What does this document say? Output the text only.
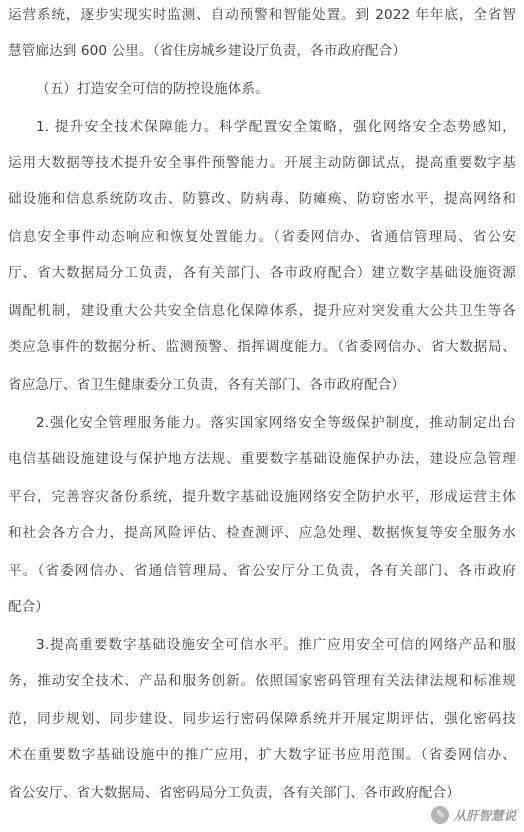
运营系统，逐步实现实时监测、自动预警和智能处置。到 2022 年年底，全省智
慧管廊达到 600 公里。（省住房城乡建设厅负责，各市政府配合）
（五）打造安全可信的防控设施体系。
1. 提升安全技术保障能力。科学配置安全策略，强化网络安全态势感知，
运用大数据等技术提升安全事件预警能力。开展主动防御试点，提高重要数字基
础设施和信息系统防攻击、防篡改、防病毒、防瘫痪、防窃密水平，提高网络和
信息安全事件动态响应和恢复处置能力。（省委网信办、省通信管理局、省公安
厅、省大数据局分工负责，各有关部门、各市政府配合）建立数字基础设施资源
调配机制，建设重大公共安全信息化保障体系，提升应对突发重大公共卫生等各
类应急事件的数据分析、监测预警、指挥调度能力。（省委网信办、省大数据局、
省应急厅、省卫生健康委分工负责，各有关部门、各市政府配合）
2.强化安全管理服务能力。落实国家网络安全等级保护制度，推动制定出台
电信基础设施建设与保护地方法规、重要数字基础设施保护办法，建设应急管理
平台，完善容灾备份系统，提升数字基础设施网络安全防护水平，形成运营主体
和社会各方合力，提高风险评估、检查测评、应急处理、数据恢复等安全服务水
平。（省委网信办、省通信管理局、省公安厅分工负责，各有关部门、各市政府
配合）
3.提高重要数字基础设施安全可信水平。推广应用安全可信的网络产品和服
务，推动安全技术、产品和服务创新。依照国家密码管理有关法律法规和标准规
范，同步规划、同步建设、同步运行密码保障系统并开展定期评估，强化密码技
术在重要数字基础设施中的推广应用，扩大数字证书应用范围。（省委网信办、
省公安厅、省大数据局、省密码局分工负责，各有关部门、各市政府配合）
✎ 从肝智慧说
